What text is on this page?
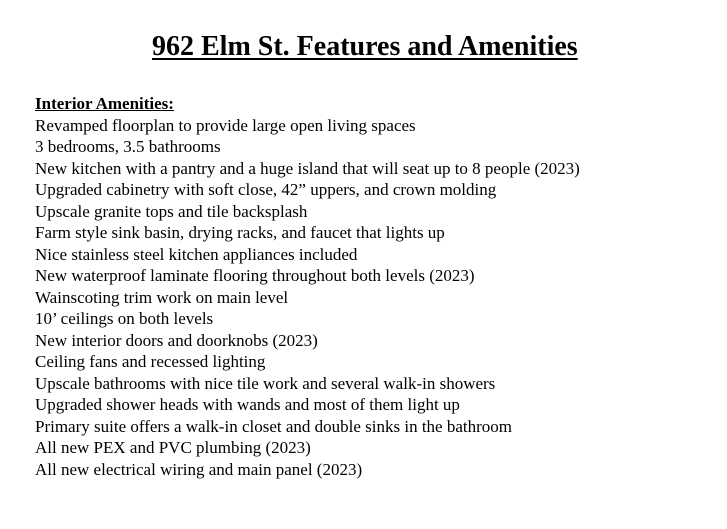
962 Elm St. Features and Amenities
Interior Amenities:
Revamped floorplan to provide large open living spaces
3 bedrooms, 3.5 bathrooms
New kitchen with a pantry and a huge island that will seat up to 8 people (2023)
Upgraded cabinetry with soft close, 42” uppers, and crown molding
Upscale granite tops and tile backsplash
Farm style sink basin, drying racks, and faucet that lights up
Nice stainless steel kitchen appliances included
New waterproof laminate flooring throughout both levels (2023)
Wainscoting trim work on main level
10’ ceilings on both levels
New interior doors and doorknobs (2023)
Ceiling fans and recessed lighting
Upscale bathrooms with nice tile work and several walk-in showers
Upgraded shower heads with wands and most of them light up
Primary suite offers a walk-in closet and double sinks in the bathroom
All new PEX and PVC plumbing (2023)
All new electrical wiring and main panel (2023)
